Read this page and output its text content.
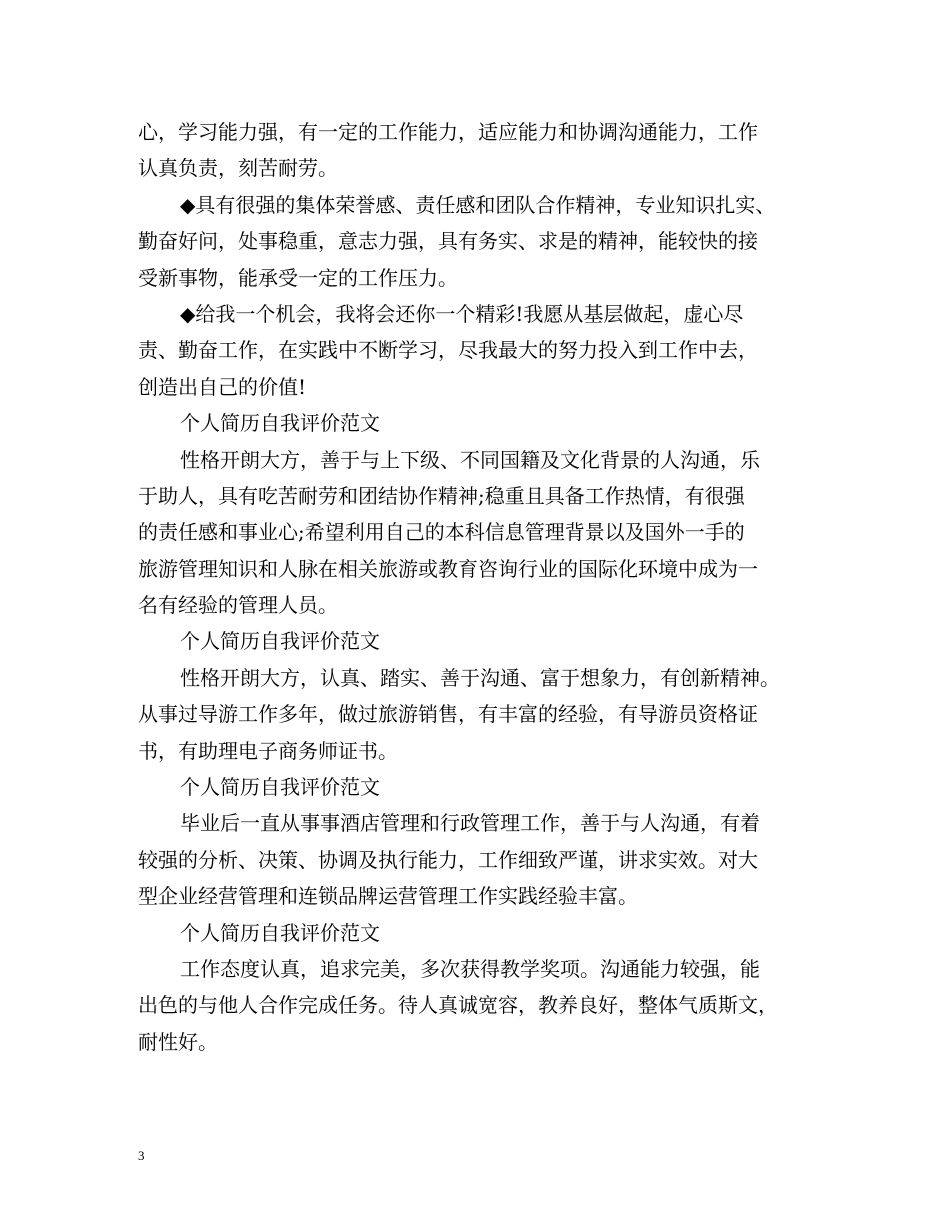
心，学习能力强，有一定的工作能力，适应能力和协调沟通能力，工作
认真负责，刻苦耐劳。
◆具有很强的集体荣誉感、责任感和团队合作精神，专业知识扎实、
勤奋好问，处事稳重，意志力强，具有务实、求是的精神，能较快的接
受新事物，能承受一定的工作压力。
◆给我一个机会，我将会还你一个精彩!我愿从基层做起，虚心尽
责、勤奋工作，在实践中不断学习，尽我最大的努力投入到工作中去，
创造出自己的价值!
个人简历自我评价范文
性格开朗大方，善于与上下级、不同国籍及文化背景的人沟通，乐
于助人，具有吃苦耐劳和团结协作精神;稳重且具备工作热情，有很强
的责任感和事业心;希望利用自己的本科信息管理背景以及国外一手的
旅游管理知识和人脉在相关旅游或教育咨询行业的国际化环境中成为一
名有经验的管理人员。
个人简历自我评价范文
性格开朗大方，认真、踏实、善于沟通、富于想象力，有创新精神。
从事过导游工作多年，做过旅游销售，有丰富的经验，有导游员资格证
书，有助理电子商务师证书。
个人简历自我评价范文
毕业后一直从事事酒店管理和行政管理工作，善于与人沟通，有着
较强的分析、决策、协调及执行能力，工作细致严谨，讲求实效。对大
型企业经营管理和连锁品牌运营管理工作实践经验丰富。
个人简历自我评价范文
工作态度认真，追求完美，多次获得教学奖项。沟通能力较强，能
出色的与他人合作完成任务。待人真诚宽容，教养良好，整体气质斯文，
耐性好。
3
